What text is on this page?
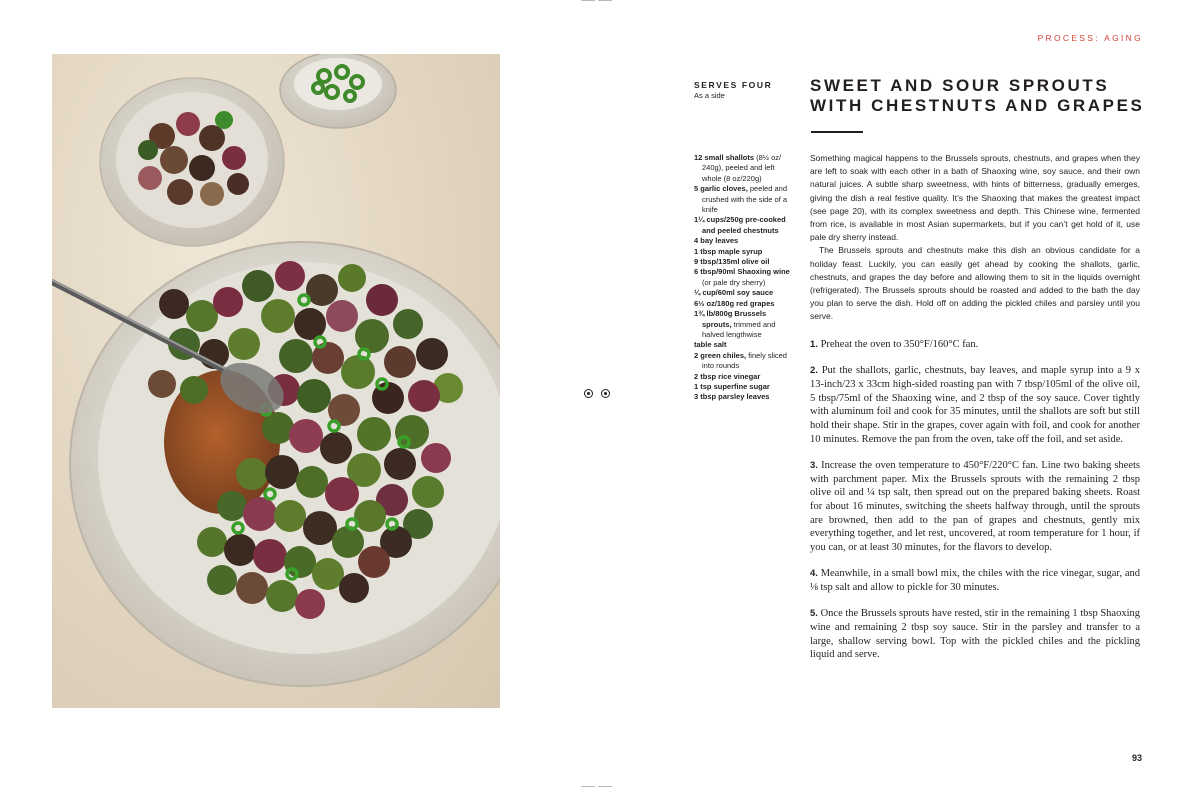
PROCESS: AGING
SERVES FOUR
As a side

12 small shallots (8½ oz/ 240g), peeled and left whole (8 oz/220g)

5 garlic cloves, peeled and crushed with the side of a knife

1¼ cups/250g pre-cooked and peeled chestnuts

4 bay leaves

1 tbsp maple syrup

9 tbsp/135ml olive oil

6 tbsp/90ml Shaoxing wine (or pale dry sherry)

¼ cup/60ml soy sauce

6⅓ oz/180g red grapes

1¾ lb/800g Brussels sprouts, trimmed and halved lengthwise

table salt

2 green chiles, finely sliced into rounds

2 tbsp rice vinegar

1 tsp superfine sugar

3 tbsp parsley leaves

SWEET AND SOUR SPROUTS WITH CHESTNUTS AND GRAPES

Something magical happens to the Brussels sprouts, chestnuts, and grapes when they are left to soak with each other in a bath of Shaoxing wine, soy sauce, and their own natural juices. A subtle sharp sweetness, with hints of bitterness, gradually emerges, giving the dish a real festive quality. It’s the Shaoxing that makes the greatest impact (see page 20), with its complex sweetness and depth. This Chinese wine, fermented from rice, is available in most Asian supermarkets, but if you can’t get hold of it, use pale dry sherry instead.

The Brussels sprouts and chestnuts make this dish an obvious candidate for a holiday feast. Luckily, you can easily get ahead by cooking the shallots, garlic, chestnuts, and grapes the day before and allowing them to sit in the liquids overnight (refrigerated). The Brussels sprouts should be roasted and added to the bath the day you plan to serve the dish. Hold off on adding the pickled chiles and parsley until you serve.

1. Preheat the oven to 350°F/160°C fan.

2. Put the shallots, garlic, chestnuts, bay leaves, and maple syrup into a 9 x 13-inch/23 x 33cm high-sided roasting pan with 7 tbsp/105ml of the olive oil, 5 tbsp/75ml of the Shaoxing wine, and 2 tbsp of the soy sauce. Cover tightly with aluminum foil and cook for 35 minutes, until the shallots are soft but still hold their shape. Stir in the grapes, cover again with foil, and cook for another 10 minutes. Remove the pan from the oven, take off the foil, and set aside.

3. Increase the oven temperature to 450°F/220°C fan. Line two baking sheets with parchment paper. Mix the Brussels sprouts with the remaining 2 tbsp olive oil and ¼ tsp salt, then spread out on the prepared baking sheets. Roast for about 16 minutes, switching the sheets halfway through, until the sprouts are browned, then add to the pan of grapes and chestnuts, gently mix everything together, and let rest, uncovered, at room temperature for 1 hour, if you can, or at least 30 minutes, for the flavors to develop.

4. Meanwhile, in a small bowl mix, the chiles with the rice vinegar, sugar, and ⅛ tsp salt and allow to pickle for 30 minutes.

5. Once the Brussels sprouts have rested, stir in the remaining 1 tbsp Shaoxing wine and remaining 2 tbsp soy sauce. Stir in the parsley and transfer to a large, shallow serving bowl. Top with the pickled chiles and the pickling liquid and serve.

93
